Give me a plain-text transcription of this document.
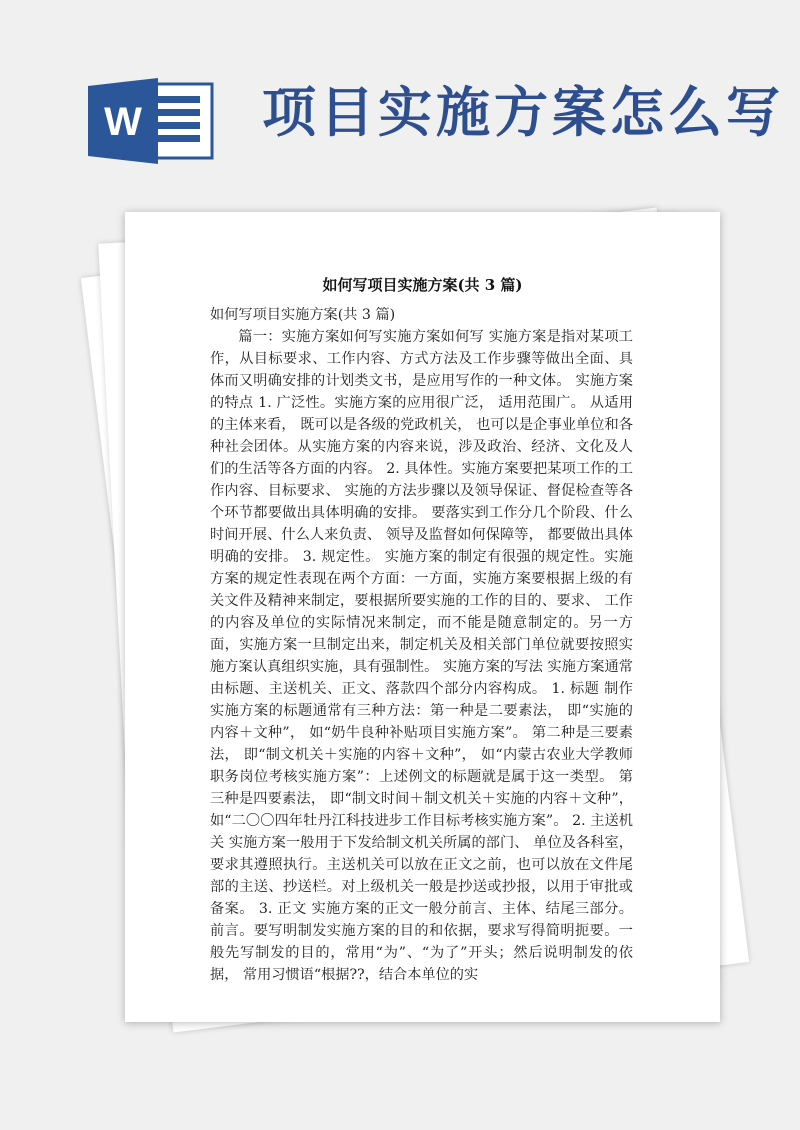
W 项目实施方案怎么写
如何写项目实施方案(共 3 篇)

如何写项目实施方案(共 3 篇)

篇一：实施方案如何写实施方案如何写 实施方案是指对某项工作，从目标要求、工作内容、方式方法及工作步骤等做出全面、具体而又明确安排的计划类文书，是应用写作的一种文体。 实施方案的特点 1. 广泛性。实施方案的应用很广泛， 适用范围广。 从适用的主体来看， 既可以是各级的党政机关， 也可以是企事业单位和各种社会团体。从实施方案的内容来说，涉及政治、经济、文化及人们的生活等各方面的内容。 2. 具体性。实施方案要把某项工作的工作内容、目标要求、 实施的方法步骤以及领导保证、督促检查等各个环节都要做出具体明确的安排。 要落实到工作分几个阶段、什么时间开展、什么人来负责、 领导及监督如何保障等， 都要做出具体明确的安排。 3. 规定性。 实施方案的制定有很强的规定性。实施方案的规定性表现在两个方面：一方面，实施方案要根据上级的有关文件及精神来制定，要根据所要实施的工作的目的、要求、 工作的内容及单位的实际情况来制定，而不能是随意制定的。另一方面，实施方案一旦制定出来，制定机关及相关部门单位就要按照实施方案认真组织实施，具有强制性。 实施方案的写法 实施方案通常由标题、主送机关、正文、落款四个部分内容构成。 1. 标题 制作实施方案的标题通常有三种方法：第一种是二要素法， 即“实施的内容＋文种”， 如“奶牛良种补贴项目实施方案”。 第二种是三要素法， 即“制文机关＋实施的内容＋文种”， 如“内蒙古农业大学教师职务岗位考核实施方案”：上述例文的标题就是属于这一类型。 第三种是四要素法， 即“制文时间＋制文机关＋实施的内容＋文种”，如“二〇〇四年牡丹江科技进步工作目标考核实施方案”。 2. 主送机关 实施方案一般用于下发给制文机关所属的部门、 单位及各科室，要求其遵照执行。主送机关可以放在正文之前，也可以放在文件尾部的主送、抄送栏。对上级机关一般是抄送或抄报，以用于审批或备案。 3. 正文 实施方案的正文一般分前言、主体、结尾三部分。 前言。要写明制发实施方案的目的和依据，要求写得简明扼要。一般先写制发的目的，常用“为”、“为了”开头；然后说明制发的依据， 常用习惯语“根据??，结合本单位的实
